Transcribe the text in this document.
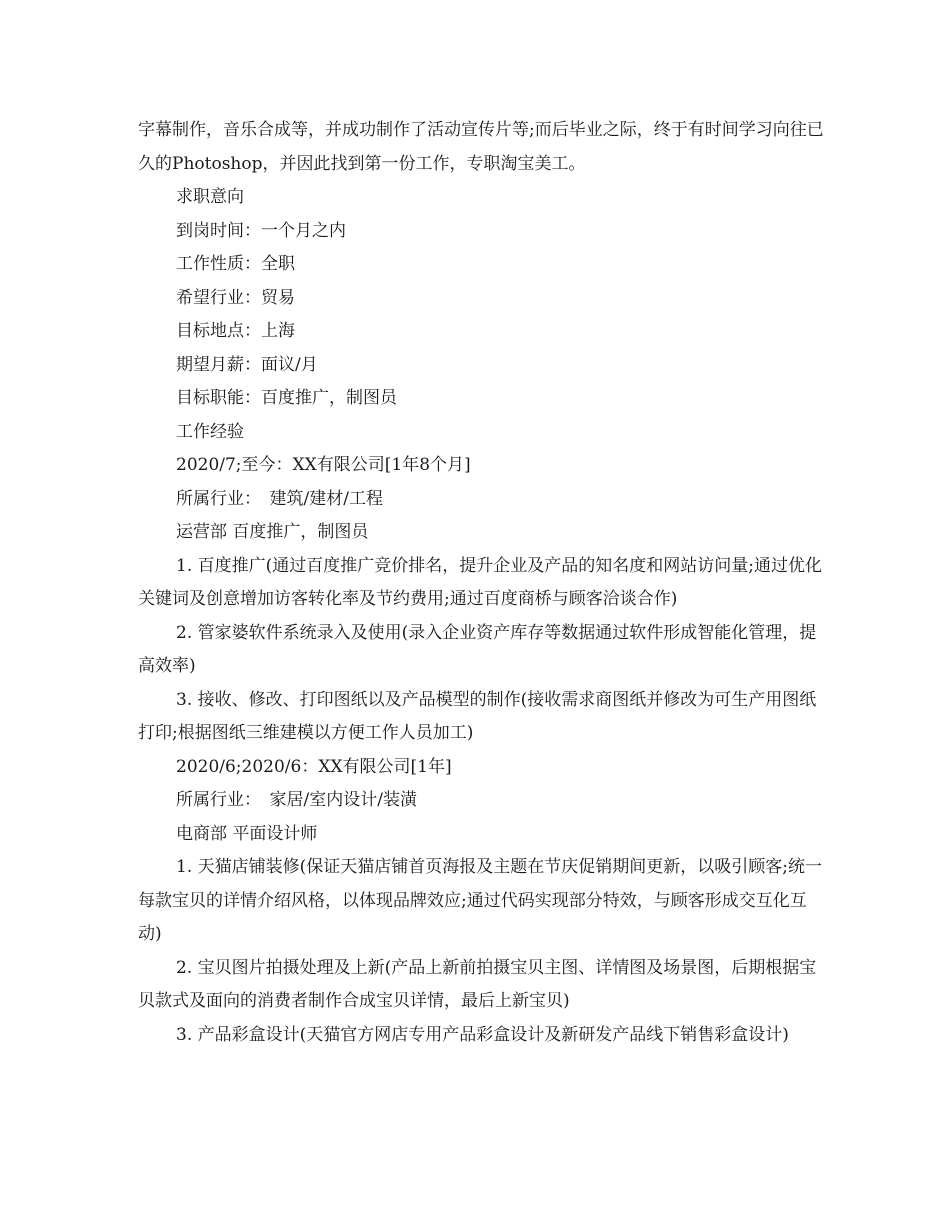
字幕制作，音乐合成等，并成功制作了活动宣传片等;而后毕业之际，终于有时间学习向往已久的Photoshop，并因此找到第一份工作，专职淘宝美工。

求职意向

到岗时间：一个月之内

工作性质：全职

希望行业：贸易

目标地点：上海

期望月薪：面议/月

目标职能：百度推广，制图员

工作经验

2020/7;至今：XX有限公司[1年8个月]

所属行业：　建筑/建材/工程

运营部 百度推广，制图员

1. 百度推广(通过百度推广竞价排名，提升企业及产品的知名度和网站访问量;通过优化关键词及创意增加访客转化率及节约费用;通过百度商桥与顾客洽谈合作)

2. 管家婆软件系统录入及使用(录入企业资产库存等数据通过软件形成智能化管理，提高效率)

3. 接收、修改、打印图纸以及产品模型的制作(接收需求商图纸并修改为可生产用图纸打印;根据图纸三维建模以方便工作人员加工)

2020/6;2020/6：XX有限公司[1年]

所属行业：　家居/室内设计/装潢

电商部 平面设计师

1. 天猫店铺装修(保证天猫店铺首页海报及主题在节庆促销期间更新，以吸引顾客;统一每款宝贝的详情介绍风格，以体现品牌效应;通过代码实现部分特效，与顾客形成交互化互动)

2. 宝贝图片拍摄处理及上新(产品上新前拍摄宝贝主图、详情图及场景图，后期根据宝贝款式及面向的消费者制作合成宝贝详情，最后上新宝贝)

3. 产品彩盒设计(天猫官方网店专用产品彩盒设计及新研发产品线下销售彩盒设计)
